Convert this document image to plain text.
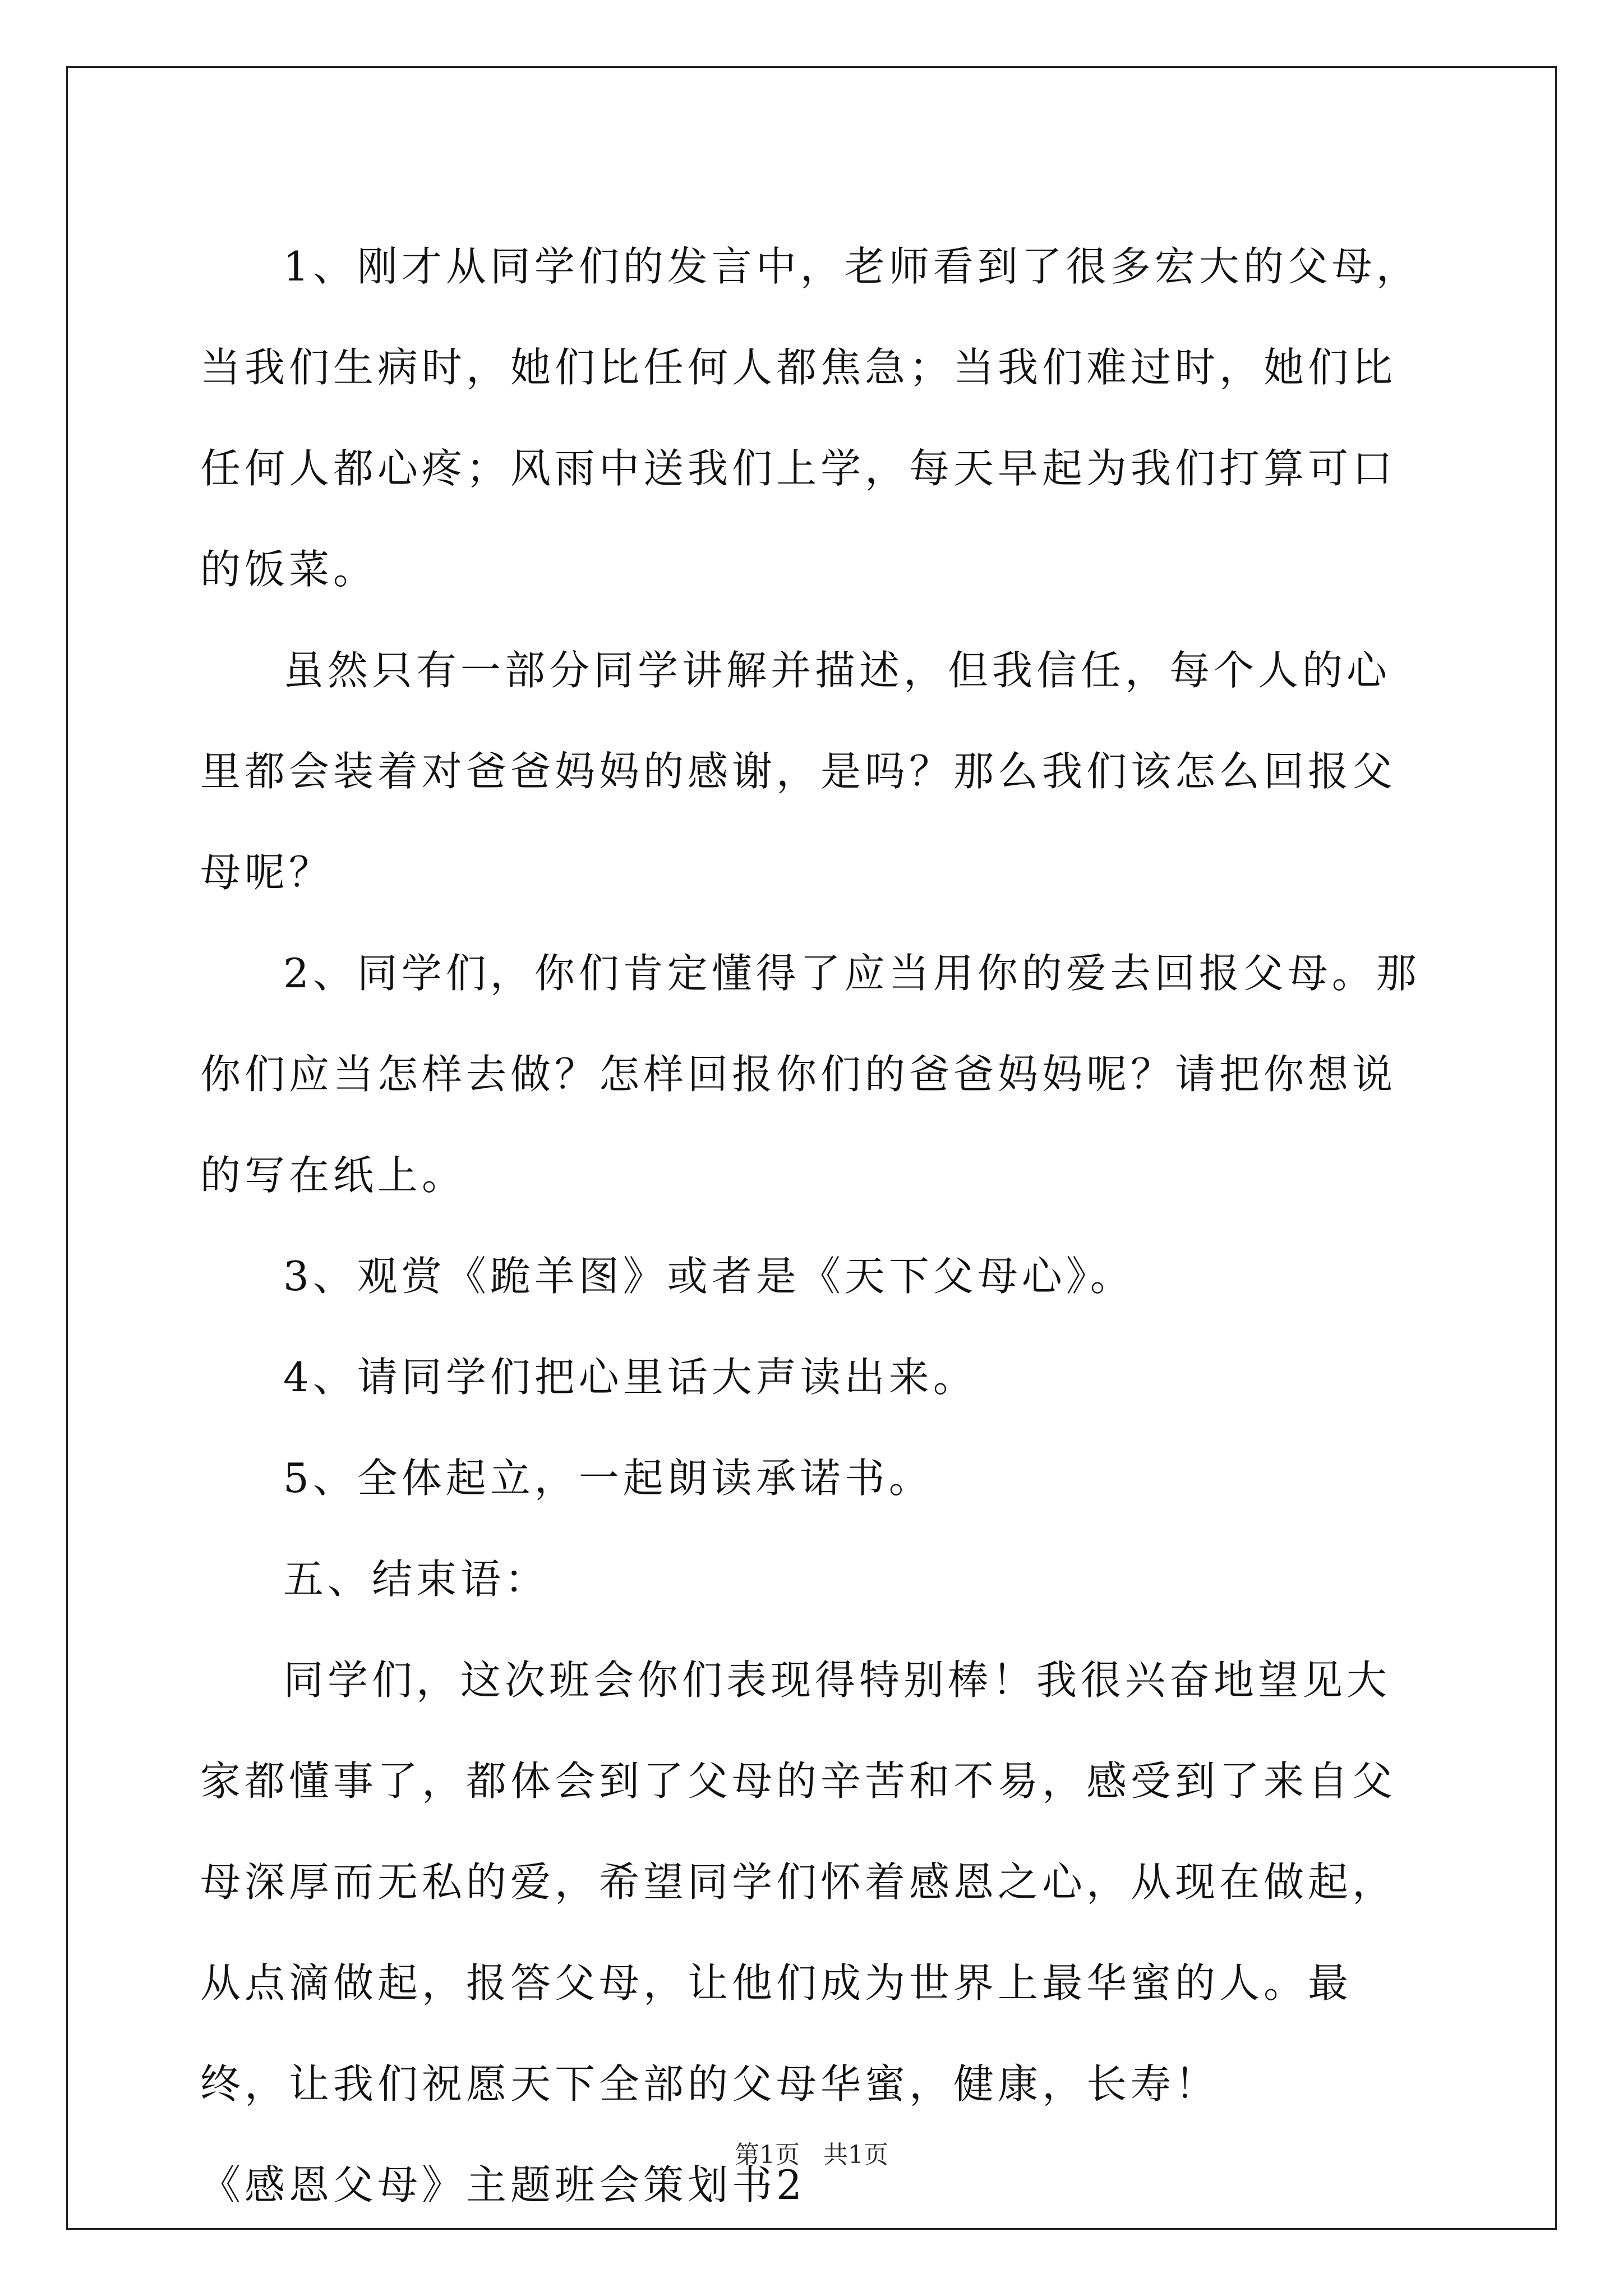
1、刚才从同学们的发言中，老师看到了很多宏大的父母，当我们生病时，她们比任何人都焦急；当我们难过时，她们比任何人都心疼；风雨中送我们上学，每天早起为我们打算可口的饭菜。

虽然只有一部分同学讲解并描述，但我信任，每个人的心里都会装着对爸爸妈妈的感谢，是吗？那么我们该怎么回报父母呢？

2、同学们，你们肯定懂得了应当用你的爱去回报父母。那你们应当怎样去做？怎样回报你们的爸爸妈妈呢？请把你想说的写在纸上。

3、观赏《跪羊图》或者是《天下父母心》。

4、请同学们把心里话大声读出来。

5、全体起立，一起朗读承诺书。

五、结束语：

同学们，这次班会你们表现得特别棒！我很兴奋地望见大家都懂事了，都体会到了父母的辛苦和不易，感受到了来自父母深厚而无私的爱，希望同学们怀着感恩之心，从现在做起，从点滴做起，报答父母，让他们成为世界上最华蜜的人。最终，让我们祝愿天下全部的父母华蜜，健康，长寿！

《感恩父母》主题班会策划书2

第1页 共1页
